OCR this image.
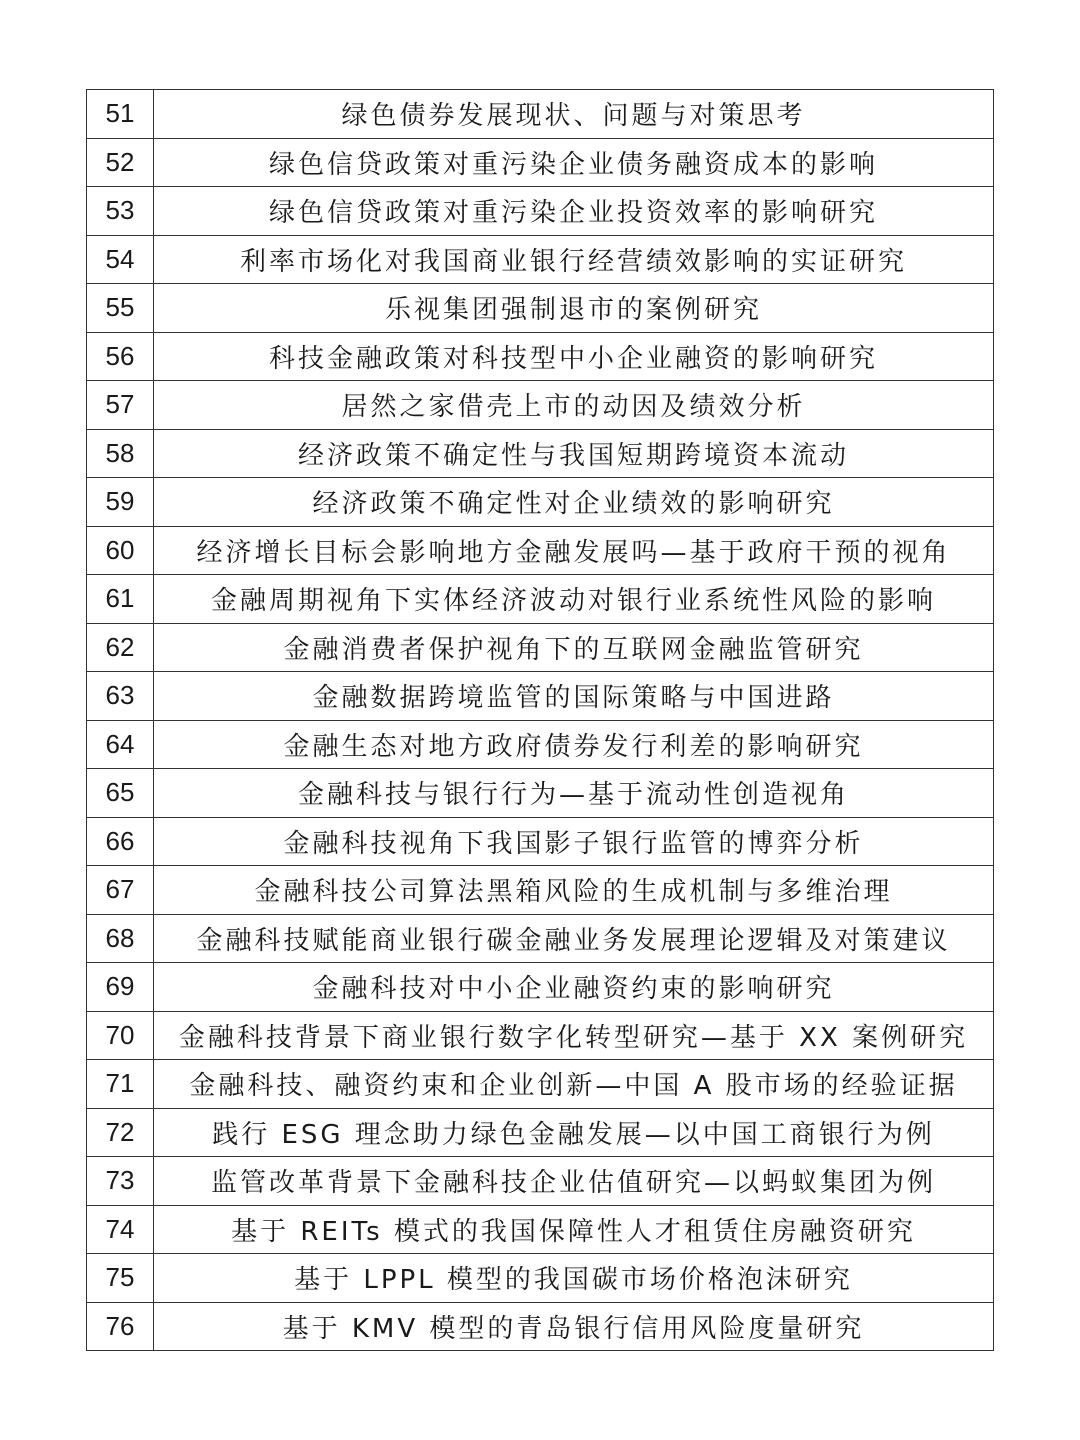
51	绿色债券发展现状、问题与对策思考
52	绿色信贷政策对重污染企业债务融资成本的影响
53	绿色信贷政策对重污染企业投资效率的影响研究
54	利率市场化对我国商业银行经营绩效影响的实证研究
55	乐视集团强制退市的案例研究
56	科技金融政策对科技型中小企业融资的影响研究
57	居然之家借壳上市的动因及绩效分析
58	经济政策不确定性与我国短期跨境资本流动
59	经济政策不确定性对企业绩效的影响研究
60	经济增长目标会影响地方金融发展吗—基于政府干预的视角
61	金融周期视角下实体经济波动对银行业系统性风险的影响
62	金融消费者保护视角下的互联网金融监管研究
63	金融数据跨境监管的国际策略与中国进路
64	金融生态对地方政府债券发行利差的影响研究
65	金融科技与银行行为—基于流动性创造视角
66	金融科技视角下我国影子银行监管的博弈分析
67	金融科技公司算法黑箱风险的生成机制与多维治理
68	金融科技赋能商业银行碳金融业务发展理论逻辑及对策建议
69	金融科技对中小企业融资约束的影响研究
70	金融科技背景下商业银行数字化转型研究—基于 XX 案例研究
71	金融科技、融资约束和企业创新—中国 A 股市场的经验证据
72	践行 ESG 理念助力绿色金融发展—以中国工商银行为例
73	监管改革背景下金融科技企业估值研究—以蚂蚁集团为例
74	基于 REITs 模式的我国保障性人才租赁住房融资研究
75	基于 LPPL 模型的我国碳市场价格泡沫研究
76	基于 KMV 模型的青岛银行信用风险度量研究
